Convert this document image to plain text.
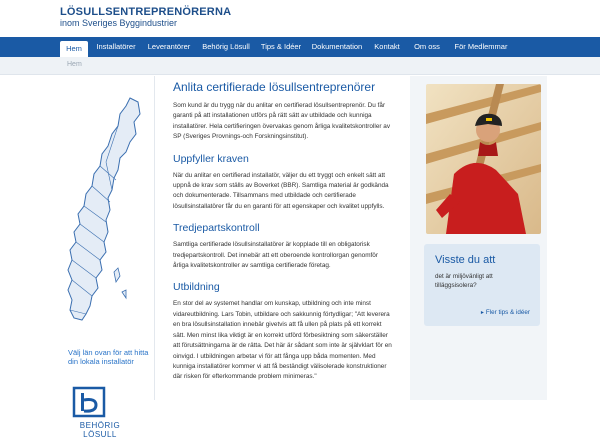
LÖSULLSENTREPRENÖRERNA
inom Sveriges Byggindustrier
Hem	Installatörer	Leverantörer	Behörig Lösull	Tips & Idéer	Dokumentation	Kontakt	Om oss	För Medlemmar
Hem
Välj län ovan för att hitta din lokala installatör
BEHÖRIG
LÖSULL
Anlita certifierade lösullsentreprenörer

Som kund är du trygg när du anlitar en certifierad lösullsentreprenör. Du får garanti på att installationen utförs på rätt sätt av utbildade och kunniga installatörer. Hela certifieringen övervakas genom årliga kvalitetskontroller av SP (Sveriges Provnings-och Forskningsinstitut).

Uppfyller kraven

När du anlitar en certifierad installatör, väljer du ett tryggt och enkelt sätt att uppnå de krav som ställs av Boverket (BBR). Samtliga material är godkända och dokumenterade. Tillsammans med utbildade och certifierade lösullsinstallatörer får du en garanti för att egenskaper och kvalitet uppfylls.

Tredjepartskontroll

Samtliga certifierade lösullsinstallatörer är kopplade till en obligatorisk tredjepartskontroll. Det innebär att ett oberoende kontrollorgan genomför årliga kvalitetskontroller av samtliga certifierade företag.

Utbildning

En stor del av systemet handlar om kunskap, utbildning och inte minst vidareutbildning. Lars Tobin, utbildare och sakkunnig förtydligar; "Att leverera en bra lösullsinstallation innebär givetvis att få ullen på plats på ett korrekt sätt. Men minst lika viktigt är en korrekt utförd förbesiktning som säkerställer att förutsättningarna är de rätta. Det här är sådant som inte är självklart för en oinvigd. I utbildningen arbetar vi för att fånga upp båda momenten. Med kunniga installatörer kommer vi att få beständigt välisolerade konstruktioner där risken för efterkommande problem minimeras."

Visste du att
det är miljövänligt att tilläggsisolera?
▸ Fler tips & idéer
